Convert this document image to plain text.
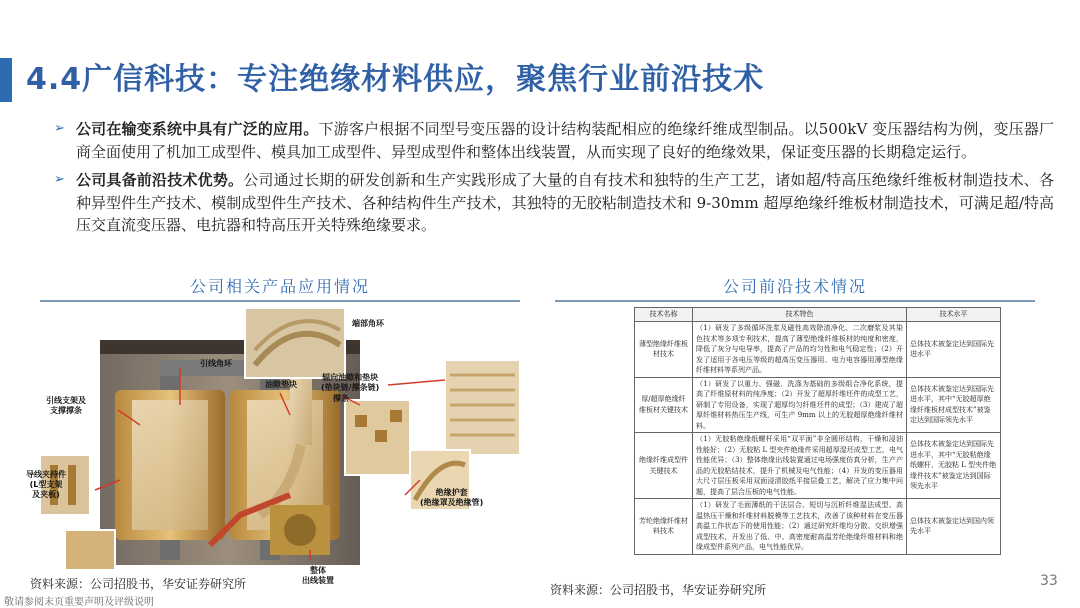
4.4广信科技：专注绝缘材料供应，聚焦行业前沿技术
➢ 公司在输变系统中具有广泛的应用。下游客户根据不同型号变压器的设计结构装配相应的绝缘纤维成型制品。以500kV 变压器结构为例，变压器厂商全面使用了机加工成型件、模具加工成型件、异型成型件和整体出线装置，从而实现了良好的绝缘效果，保证变压器的长期稳定运行。
➢ 公司具备前沿技术优势。公司通过长期的研发创新和生产实践形成了大量的自有技术和独特的生产工艺，诸如超/特高压绝缘纤维板材制造技术、各种异型件生产技术、模制成型件生产技术、各种结构件生产技术，其独特的无胶粘制造技术和 9-30mm 超厚绝缘纤维板材制造技术，可满足超/特高压交直流变压器、电抗器和特高压开关特殊绝缘要求。
公司相关产品应用情况	公司前沿技术情况
端部角环
引线角环
油隙垫块
辐向油隙和垫块
(垫块链/撑条链)
撑条
引线支架及
支撑撑条
导线夹持件
(L型支架
及夹板)	绝缘护套
(绝缘罩及绝缘管)
整体
出线装置
技术名称	技术特色	技术水平
薄型绝缘纤维板材技术	（1）研发了多级循环洗浆及磁性高效除渣净化、二次磨浆及其染色技术等多项专利技术，提高了薄型绝缘纤维板材的纯度和密度，降低了灰分与电导率，提高了产品的均匀性和电气稳定性；（2）开发了适用于各电压等级的超高压变压器用、电力电容器用薄型绝缘纤维材料等系列产品。	总体技术被鉴定达到国际先进水平
厚/超厚绝缘纤维板材关键技术	（1）研发了以重力、强磁、洗涤为基础的多级组合净化系统，提高了纤维原材料的纯净度；（2）开发了超厚纤维坯件的成型工艺，研制了专用设备，实现了超厚均匀纤维坯件的成型；（3）建成了超厚纤维材料热压生产线，可生产 9mm 以上的无胶超厚绝缘纤维材料。	总体技术被鉴定达到国际先进水平，其中“无胶超厚绝缘纤维板材成型技术”被鉴定达到国际领先水平
绝缘纤维成型件关键技术	（1）无胶粘绝缘纸螺杆采用“双平面”非全圆形结构，干燥和浸油性能好；（2）无胶粘 L 型夹件绝缘件采用超厚湿坯成型工艺，电气性能优异；（3）整体绝缘出线装置通过电场强度仿真分析，生产产品的无胶粘结技术，提升了机械及电气性能；（4）开发的变压器用大尺寸层压板采用双面浸渍胶纸平接层叠工艺，解决了应力集中问题，提高了层合压板的电气性能。	总体技术被鉴定达到国际先进水平，其中“无胶粘绝缘纸螺杆、无胶粘 L 型夹件绝缘件技术”被鉴定达到国际领先水平
芳纶绝缘纤维材料技术	（1）研发了毛面薄纸的干法层合、短切与沉析纤维湿法成型、高温热压干燥和纤维材料脱模等工艺技术，改善了该种材料在变压器高温工作状态下的使用性能；（2）通过研究纤维均分散、交织增强成型技术，开发出了低、中、高密度耐高温芳纶绝缘纤维材料和绝缘成型件系列产品，电气性能优异。	总体技术被鉴定达到国内领先水平
资料来源：公司招股书，华安证券研究所	资料来源：公司招股书，华安证券研究所
敬请参阅末页重要声明及评级说明
33
